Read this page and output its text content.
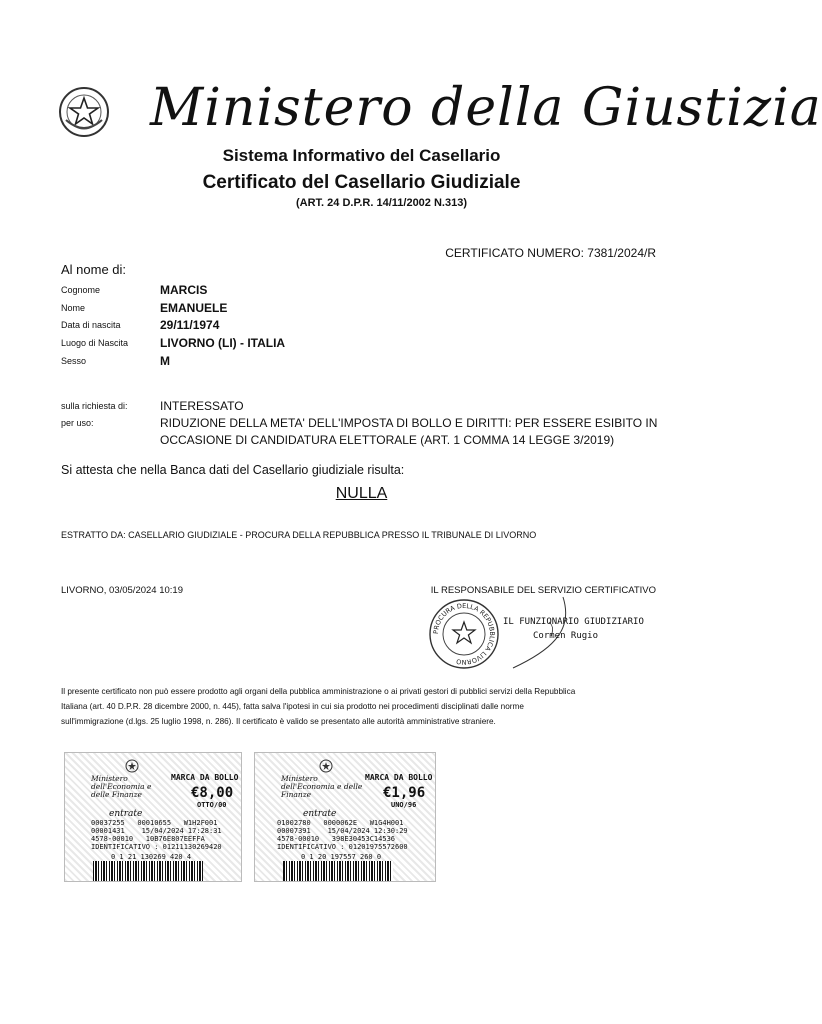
Ministero della Giustizia
Sistema Informativo del Casellario
Certificato del Casellario Giudiziale
(ART. 24 D.P.R. 14/11/2002 N.313)
CERTIFICATO NUMERO: 7381/2024/R
Al nome di:
Cognome	MARCIS
Nome	EMANUELE
Data di nascita	29/11/1974
Luogo di Nascita	LIVORNO (LI) - ITALIA
Sesso	M
sulla richiesta di:	INTERESSATO
per uso:	RIDUZIONE DELLA META' DELL'IMPOSTA DI BOLLO E DIRITTI: PER ESSERE ESIBITO IN
OCCASIONE DI CANDIDATURA ELETTORALE (ART. 1 COMMA 14 LEGGE 3/2019)
Si attesta che nella Banca dati del Casellario giudiziale risulta:
NULLA
ESTRATTO DA: CASELLARIO GIUDIZIALE - PROCURA DELLA REPUBBLICA PRESSO IL TRIBUNALE DI LIVORNO
LIVORNO, 03/05/2024 10:19	IL RESPONSABILE DEL SERVIZIO CERTIFICATIVO
PROCURA DELLA REPUBBLICA LIVORNO
IL FUNZIONARIO GIUDIZIARIO
Cormen Rugio
Il presente certificato non può essere prodotto agli organi della pubblica amministrazione o ai privati gestori di pubblici servizi della Repubblica
Italiana (art. 40 D.P.R. 28 dicembre 2000, n. 445), fatta salva l'ipotesi in cui sia prodotto nei procedimenti disciplinati dalle norme
sull'immigrazione (d.lgs. 25 luglio 1998, n. 286). Il certificato è valido se presentato alle autorità amministrative straniere.
Ministero dell'Economia e delle Finanze
MARCA DA BOLLO
€8,00
OTTO/00
entrate
00037255   00010655   W1H2F001
00001431    15/04/2024 17:28:31
4578-00010   10B76E807EEFFA
IDENTIFICATIVO : 01211130269420
0 1 21 130269 420 4
Ministero dell'Economia e delle Finanze
MARCA DA BOLLO
€1,96
UNO/96
entrate
01002780   0000062E   W1G4H001
00007391    15/04/2024 12:30:29
4578-00010   398E30453C14536
IDENTIFICATIVO : 01201975572600
0 1 20 197557 260 0
